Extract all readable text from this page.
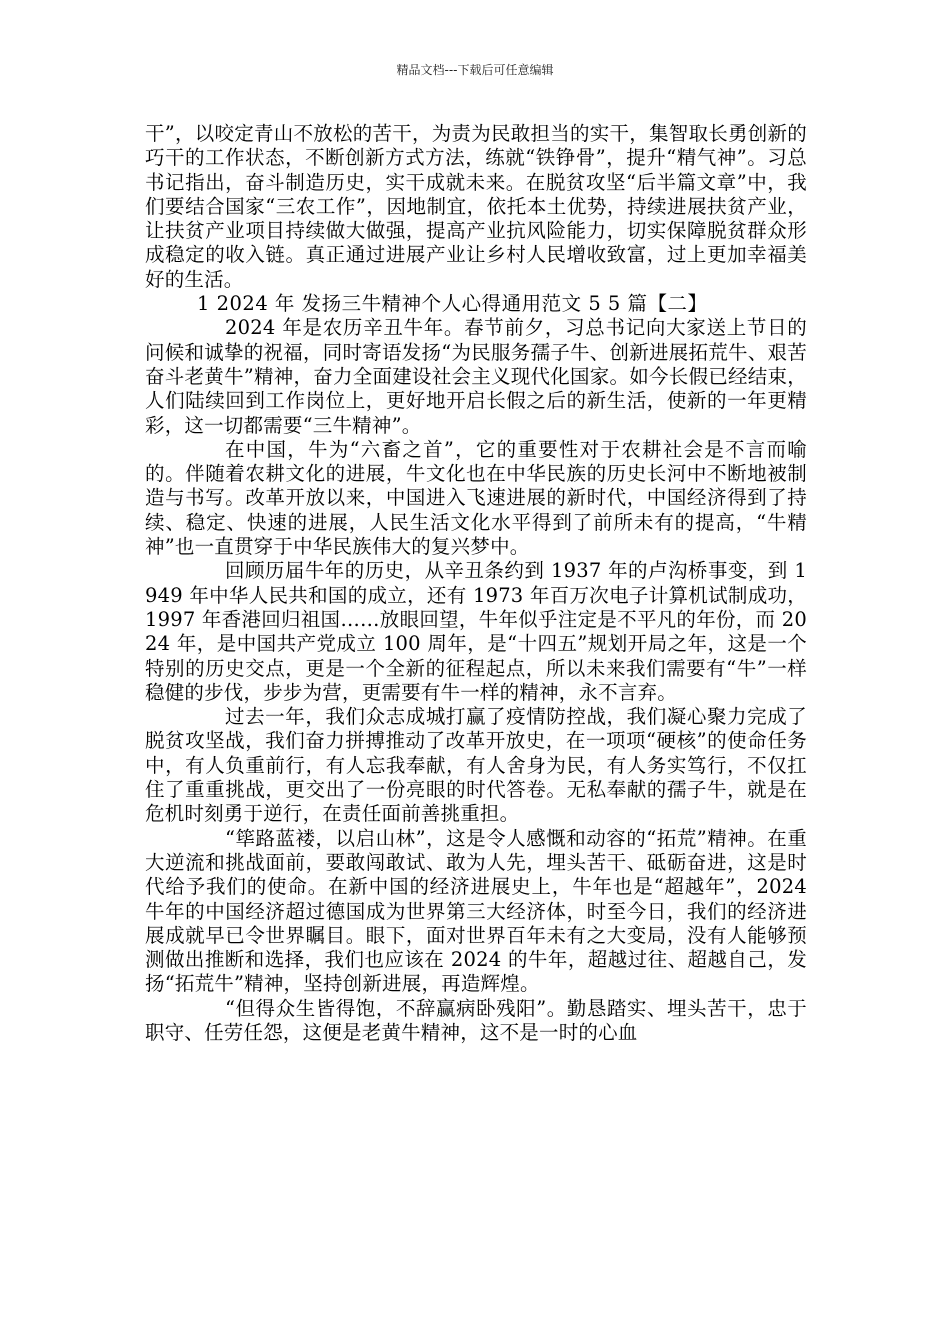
精品文档---下载后可任意编辑

干”，以咬定青山不放松的苦干，为责为民敢担当的实干，集智取长勇创新的巧干的工作状态，不断创新方式方法，练就“铁铮骨”，提升“精气神”。习总书记指出，奋斗制造历史，实干成就未来。在脱贫攻坚“后半篇文章”中，我们要结合国家“三农工作”，因地制宜，依托本土优势，持续进展扶贫产业，让扶贫产业项目持续做大做强，提高产业抗风险能力，切实保障脱贫群众形成稳定的收入链。真正通过进展产业让乡村人民增收致富，过上更加幸福美好的生活。

1 2024 年 发扬三牛精神个人心得通用范文 5 5 篇【二】

2024 年是农历辛丑牛年。春节前夕，习总书记向大家送上节日的问候和诚挚的祝福，同时寄语发扬“为民服务孺子牛、创新进展拓荒牛、艰苦奋斗老黄牛”精神，奋力全面建设社会主义现代化国家。如今长假已经结束，人们陆续回到工作岗位上，更好地开启长假之后的新生活，使新的一年更精彩，这一切都需要“三牛精神”。

在中国，牛为“六畜之首”，它的重要性对于农耕社会是不言而喻的。伴随着农耕文化的进展，牛文化也在中华民族的历史长河中不断地被制造与书写。改革开放以来，中国进入飞速进展的新时代，中国经济得到了持续、稳定、快速的进展，人民生活文化水平得到了前所未有的提高，“牛精神”也一直贯穿于中华民族伟大的复兴梦中。

回顾历届牛年的历史，从辛丑条约到 1937 年的卢沟桥事变，到 1949 年中华人民共和国的成立，还有 1973 年百万次电子计算机试制成功，1997 年香港回归祖国……放眼回望，牛年似乎注定是不平凡的年份，而 2024 年，是中国共产党成立 100 周年，是“十四五”规划开局之年，这是一个特别的历史交点，更是一个全新的征程起点，所以未来我们需要有“牛”一样稳健的步伐，步步为营，更需要有牛一样的精神，永不言弃。

过去一年，我们众志成城打赢了疫情防控战，我们凝心聚力完成了脱贫攻坚战，我们奋力拼搏推动了改革开放史，在一项项“硬核”的使命任务中，有人负重前行，有人忘我奉献，有人舍身为民，有人务实笃行，不仅扛住了重重挑战，更交出了一份亮眼的时代答卷。无私奉献的孺子牛，就是在危机时刻勇于逆行，在责任面前善挑重担。

“筚路蓝褛，以启山林”，这是令人感慨和动容的“拓荒”精神。在重大逆流和挑战面前，要敢闯敢试、敢为人先，埋头苦干、砥砺奋进，这是时代给予我们的使命。在新中国的经济进展史上，牛年也是“超越年”，2024 牛年的中国经济超过德国成为世界第三大经济体，时至今日，我们的经济进展成就早已令世界瞩目。眼下，面对世界百年未有之大变局，没有人能够预测做出推断和选择，我们也应该在 2024 的牛年，超越过往、超越自己，发扬“拓荒牛”精神，坚持创新进展，再造辉煌。

“但得众生皆得饱，不辞赢病卧残阳”。勤恳踏实、埋头苦干，忠于职守、任劳任怨，这便是老黄牛精神，这不是一时的心血
